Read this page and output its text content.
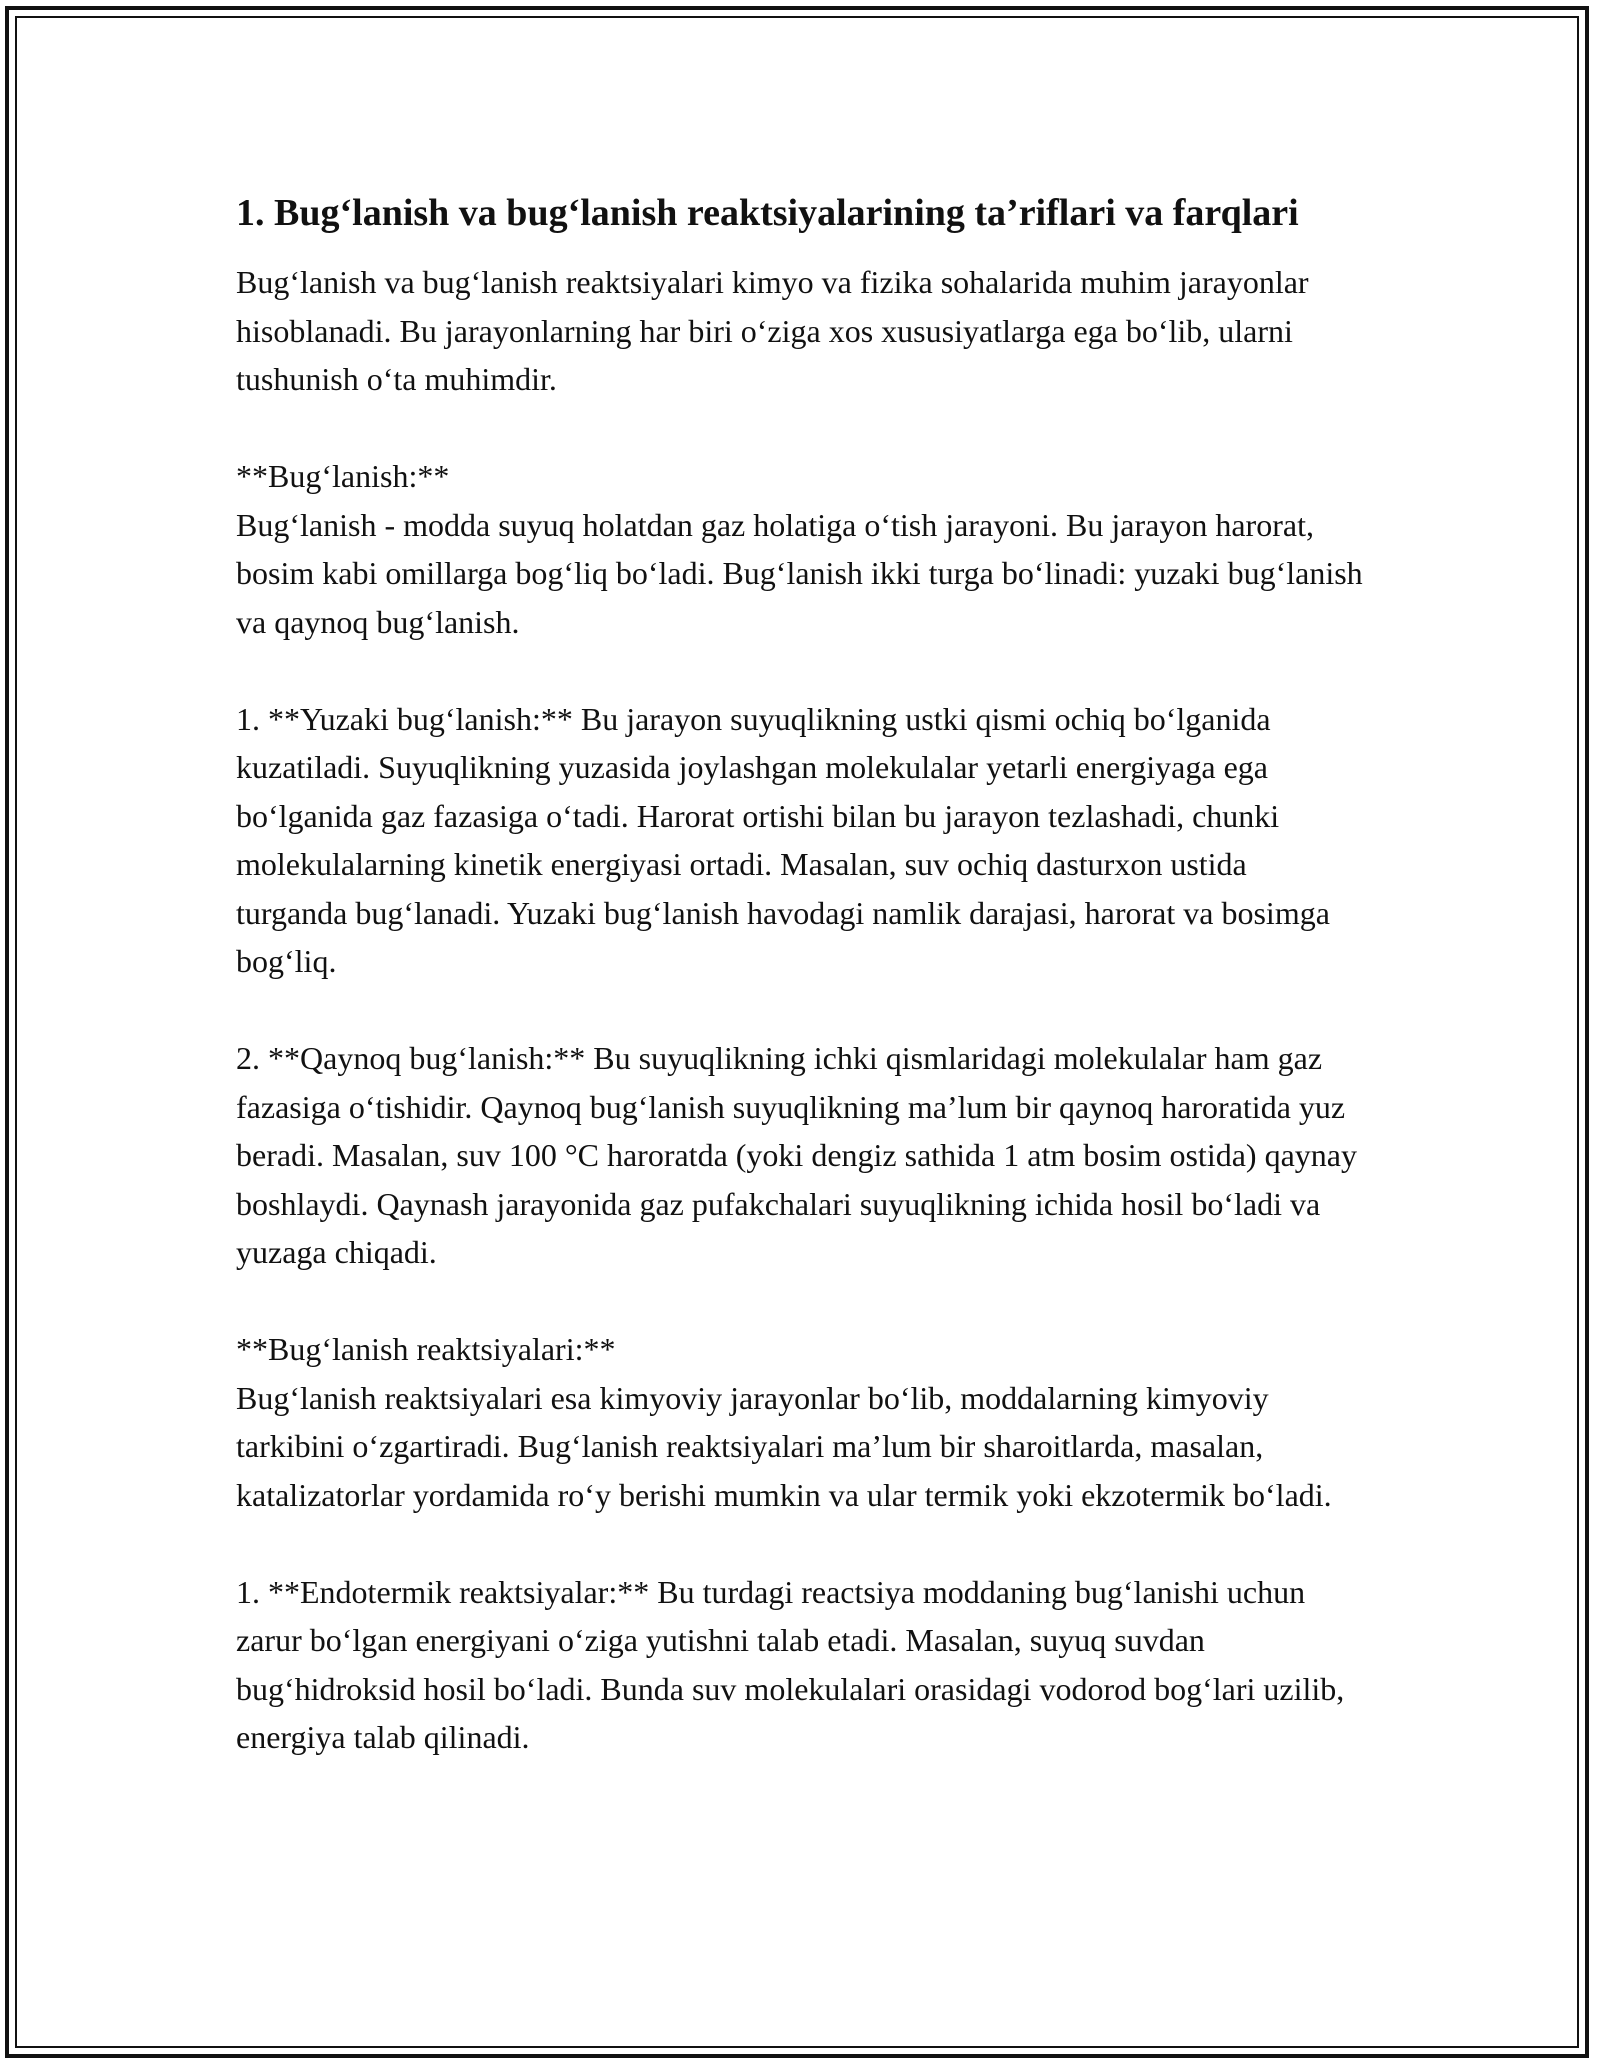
1. Bug‘lanish va bug‘lanish reaktsiyalarining ta’riflari va farqlari

Bug‘lanish va bug‘lanish reaktsiyalari kimyo va fizika sohalarida muhim jarayonlar hisoblanadi. Bu jarayonlarning har biri o‘ziga xos xususiyatlarga ega bo‘lib, ularni tushunish o‘ta muhimdir.

**Bug‘lanish:**
Bug‘lanish - modda suyuq holatdan gaz holatiga o‘tish jarayoni. Bu jarayon harorat, bosim kabi omillarga bog‘liq bo‘ladi. Bug‘lanish ikki turga bo‘linadi: yuzaki bug‘lanish va qaynoq bug‘lanish.

1. **Yuzaki bug‘lanish:** Bu jarayon suyuqlikning ustki qismi ochiq bo‘lganida kuzatiladi. Suyuqlikning yuzasida joylashgan molekulalar yetarli energiyaga ega bo‘lganida gaz fazasiga o‘tadi. Harorat ortishi bilan bu jarayon tezlashadi, chunki molekulalarning kinetik energiyasi ortadi. Masalan, suv ochiq dasturxon ustida turganda bug‘lanadi. Yuzaki bug‘lanish havodagi namlik darajasi, harorat va bosimga bog‘liq.

2. **Qaynoq bug‘lanish:** Bu suyuqlikning ichki qismlaridagi molekulalar ham gaz fazasiga o‘tishidir. Qaynoq bug‘lanish suyuqlikning ma’lum bir qaynoq haroratida yuz beradi. Masalan, suv 100 °C haroratda (yoki dengiz sathida 1 atm bosim ostida) qaynay boshlaydi. Qaynash jarayonida gaz pufakchalari suyuqlikning ichida hosil bo‘ladi va yuzaga chiqadi.

**Bug‘lanish reaktsiyalari:**
Bug‘lanish reaktsiyalari esa kimyoviy jarayonlar bo‘lib, moddalarning kimyoviy tarkibini o‘zgartiradi. Bug‘lanish reaktsiyalari ma’lum bir sharoitlarda, masalan, katalizatorlar yordamida ro‘y berishi mumkin va ular termik yoki ekzotermik bo‘ladi.

1. **Endotermik reaktsiyalar:** Bu turdagi reactsiya moddaning bug‘lanishi uchun zarur bo‘lgan energiyani o‘ziga yutishni talab etadi. Masalan, suyuq suvdan bug‘hidroksid hosil bo‘ladi. Bunda suv molekulalari orasidagi vodorod bog‘lari uzilib, energiya talab qilinadi.
